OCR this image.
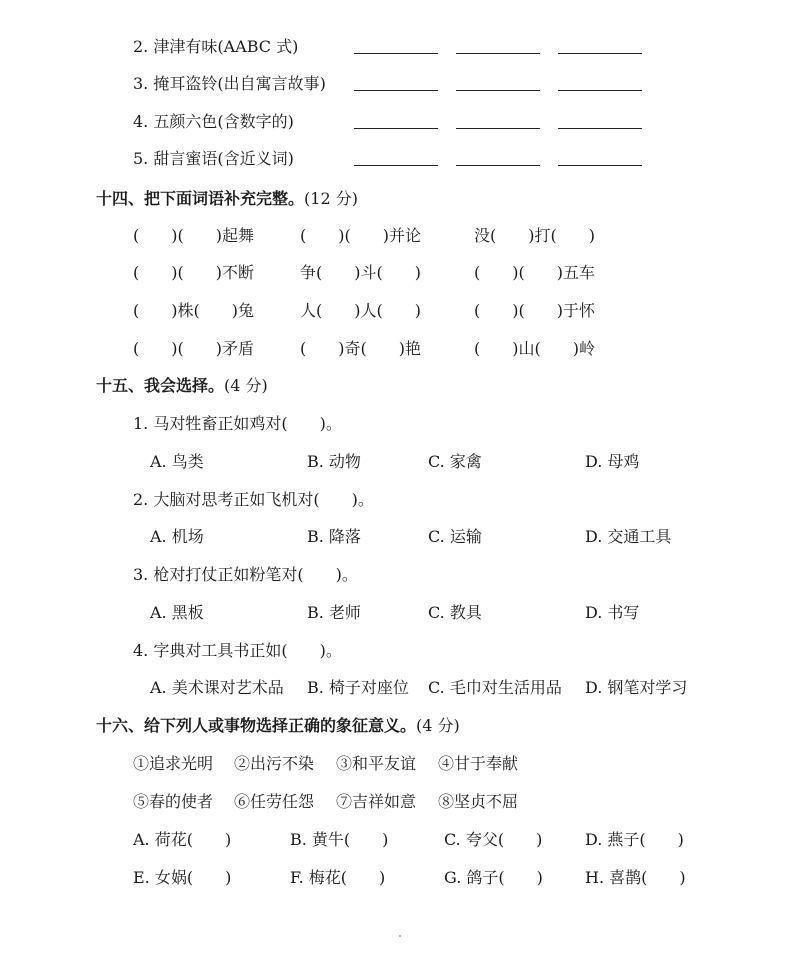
2. 津津有味(AABC 式)
3. 掩耳盗铃(出自寓言故事)
4. 五颜六色(含数字的)
5. 甜言蜜语(含近义词)
十四、把下面词语补充完整。(12 分)
(　　)(　　)起舞	(　　)(　　)并论	没(　　)打(　　)
(　　)(　　)不断	争(　　)斗(　　)	(　　)(　　)五车
(　　)株(　　)兔	人(　　)人(　　)	(　　)(　　)于怀
(　　)(　　)矛盾	(　　)奇(　　)艳	(　　)山(　　)岭
十五、我会选择。(4 分)
1. 马对牲畜正如鸡对(　　)。
A. 鸟类	B. 动物	C. 家禽	D. 母鸡
2. 大脑对思考正如飞机对(　　)。
A. 机场	B. 降落	C. 运输	D. 交通工具
3. 枪对打仗正如粉笔对(　　)。
A. 黑板	B. 老师	C. 教具	D. 书写
4. 字典对工具书正如(　　)。
A. 美术课对艺术品 B. 椅子对座位 C. 毛巾对生活用品 D. 钢笔对学习
十六、给下列人或事物选择正确的象征意义。(4 分)
①追求光明 ②出污不染 ③和平友谊 ④甘于奉献
⑤春的使者 ⑥任劳任怨 ⑦吉祥如意 ⑧坚贞不屈
A. 荷花(　　)	B. 黄牛(　　)	C. 夸父(　　)	D. 燕子(　　)
E. 女娲(　　)	F. 梅花(　　)	G. 鸽子(　　)	H. 喜鹊(　　)
